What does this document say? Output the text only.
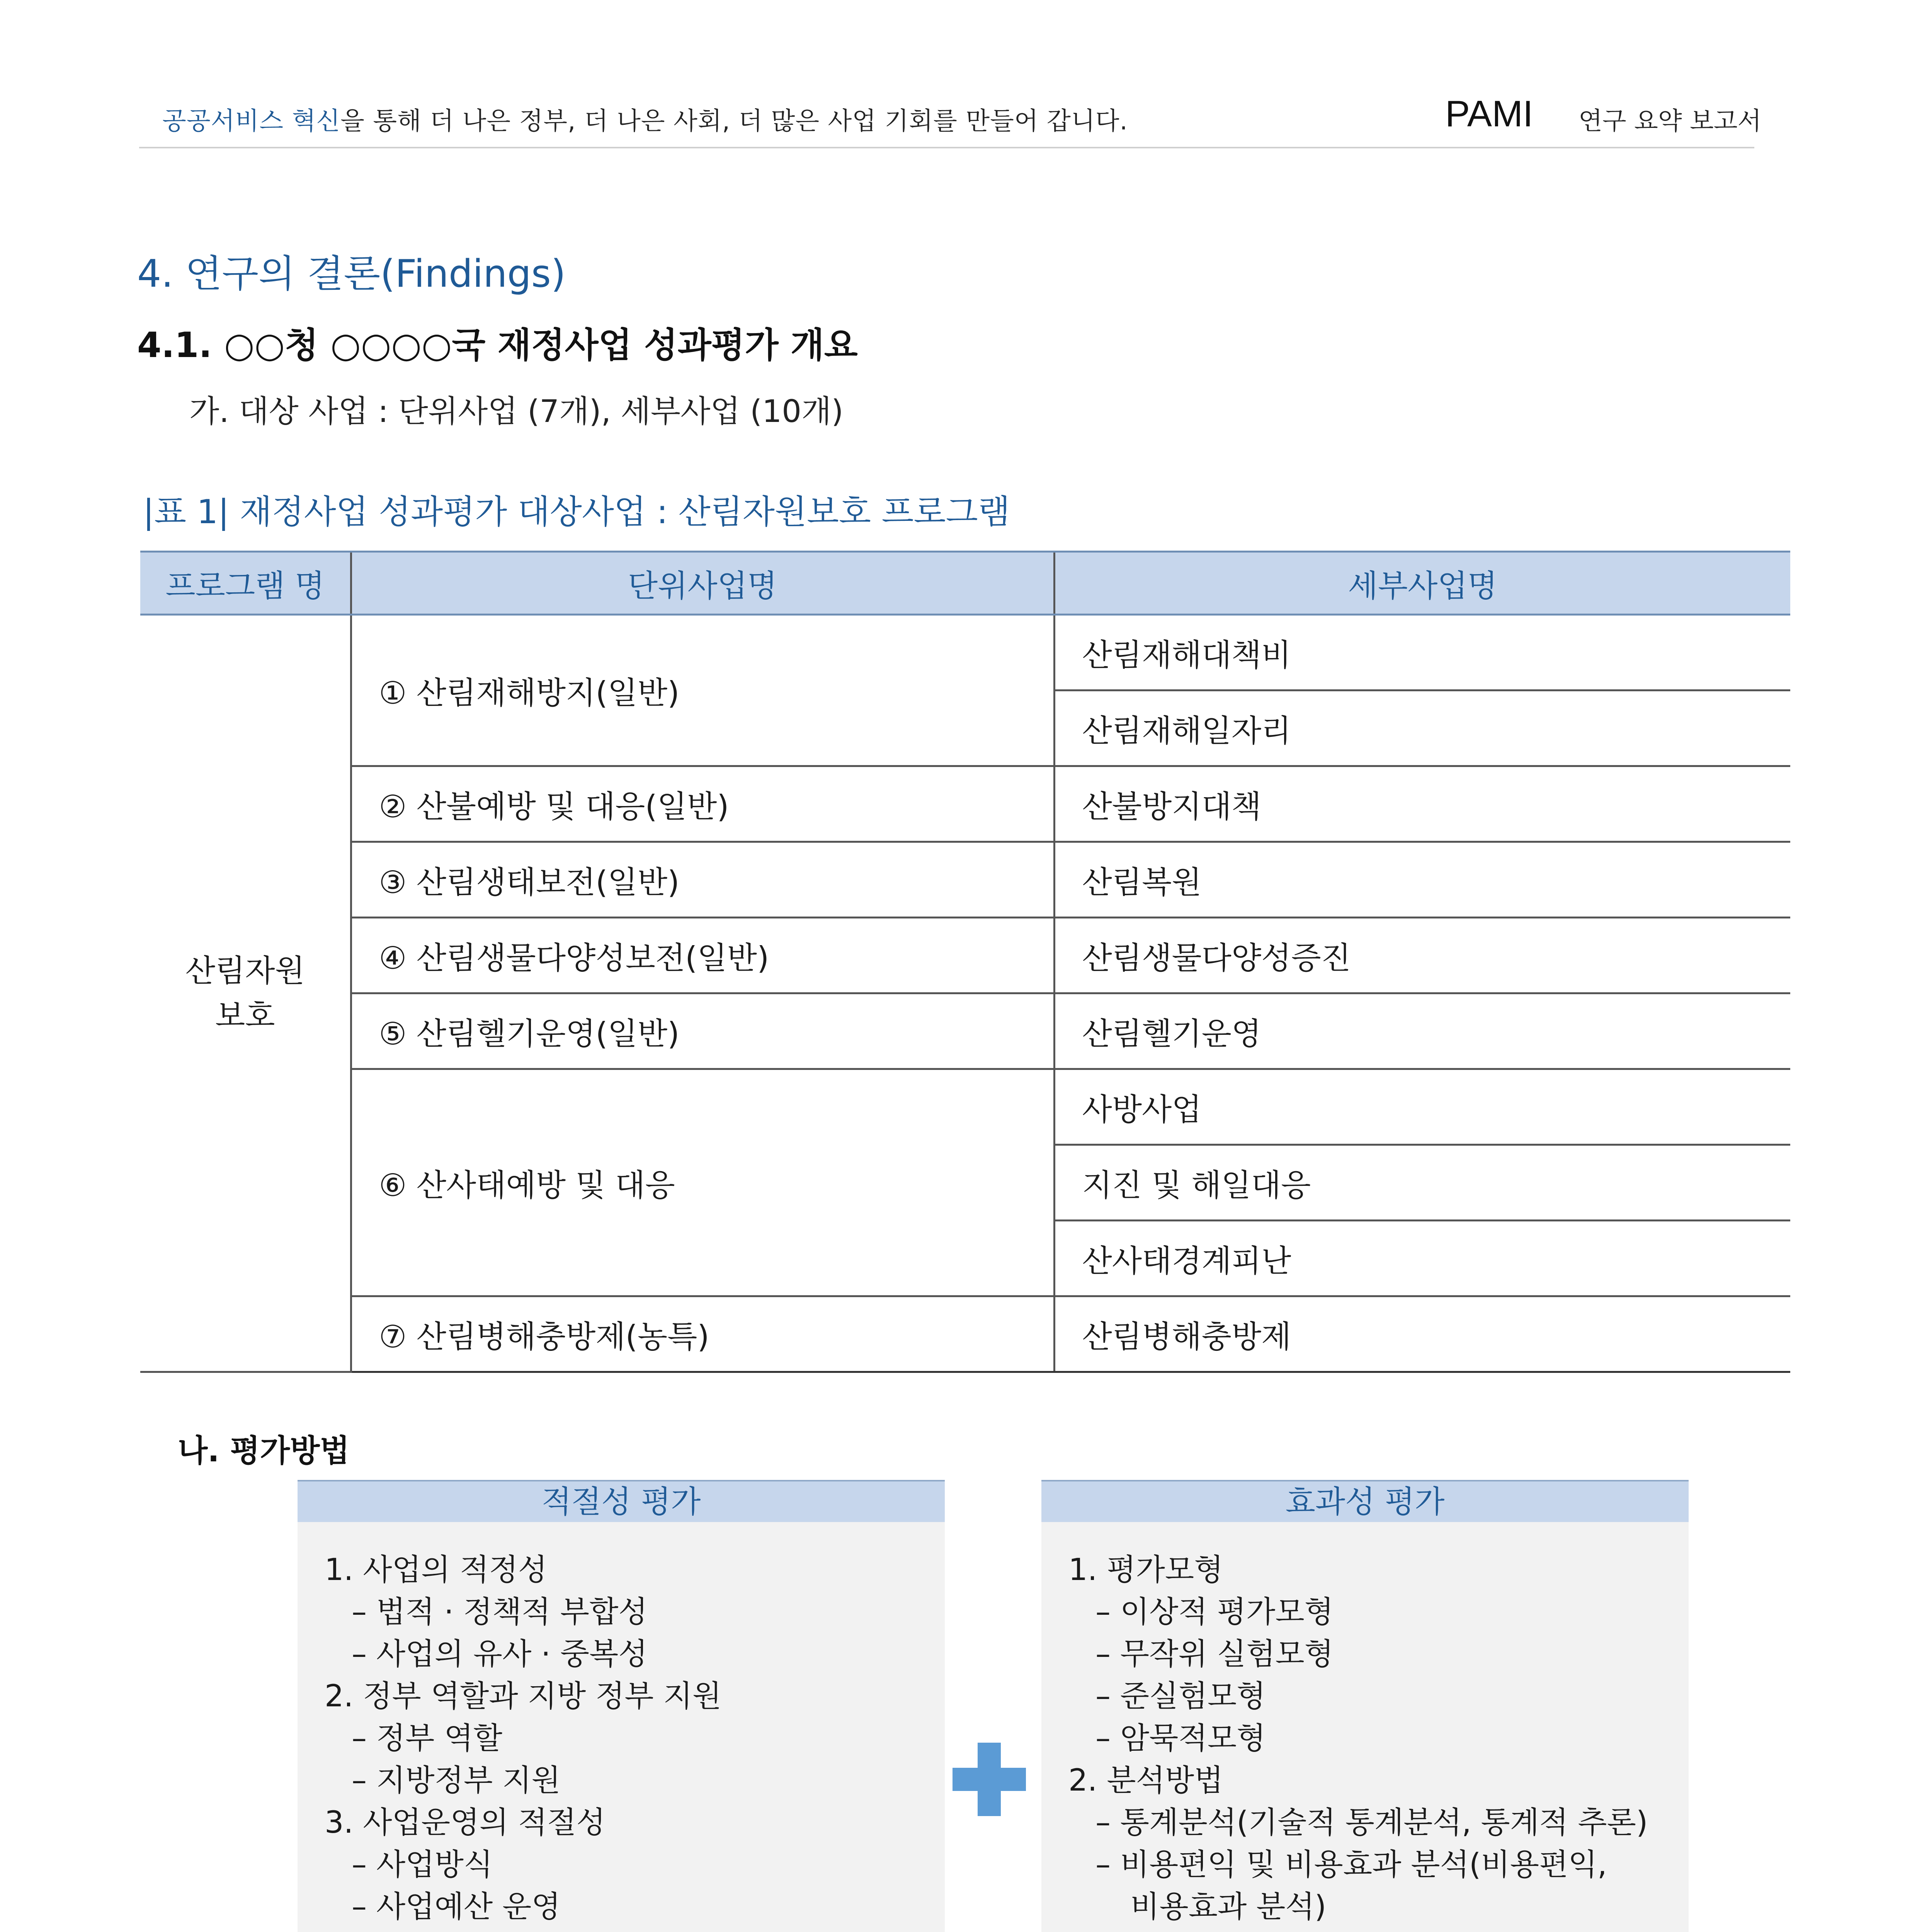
공공서비스 혁신을 통해 더 나은 정부, 더 나은 사회, 더 많은 사업 기회를 만들어 갑니다.	PAMI 연구 요약 보고서
4. 연구의 결론(Findings)
4.1. ○○청 ○○○○국 재정사업 성과평가 개요
가. 대상 사업 : 단위사업 (7개), 세부사업 (10개)
|표 1| 재정사업 성과평가 대상사업 : 산림자원보호 프로그램
프로그램 명	단위사업명	세부사업명
산림자원
보호	① 산림재해방지(일반)	산림재해대책비
		산림재해일자리
	② 산불예방 및 대응(일반)	산불방지대책
	③ 산림생태보전(일반)	산림복원
	④ 산림생물다양성보전(일반)	산림생물다양성증진
	⑤ 산림헬기운영(일반)	산림헬기운영
	⑥ 산사태예방 및 대응	사방사업
		지진 및 해일대응
		산사태경계피난
	⑦ 산림병해충방제(농특)	산림병해충방제
나. 평가방법
적절성 평가
1. 사업의 적정성
– 법적 · 정책적 부합성
– 사업의 유사 · 중복성
2. 정부 역할과 지방 정부 지원
– 정부 역할
– 지방정부 지원
3. 사업운영의 적절성
– 사업방식
– 사업예산 운영
효과성 평가
1. 평가모형
– 이상적 평가모형
– 무작위 실험모형
– 준실험모형
– 암묵적모형
2. 분석방법
– 통계분석(기술적 통계분석, 통계적 추론)
– 비용편익 및 비용효과 분석(비용편익,
비용효과 분석)
